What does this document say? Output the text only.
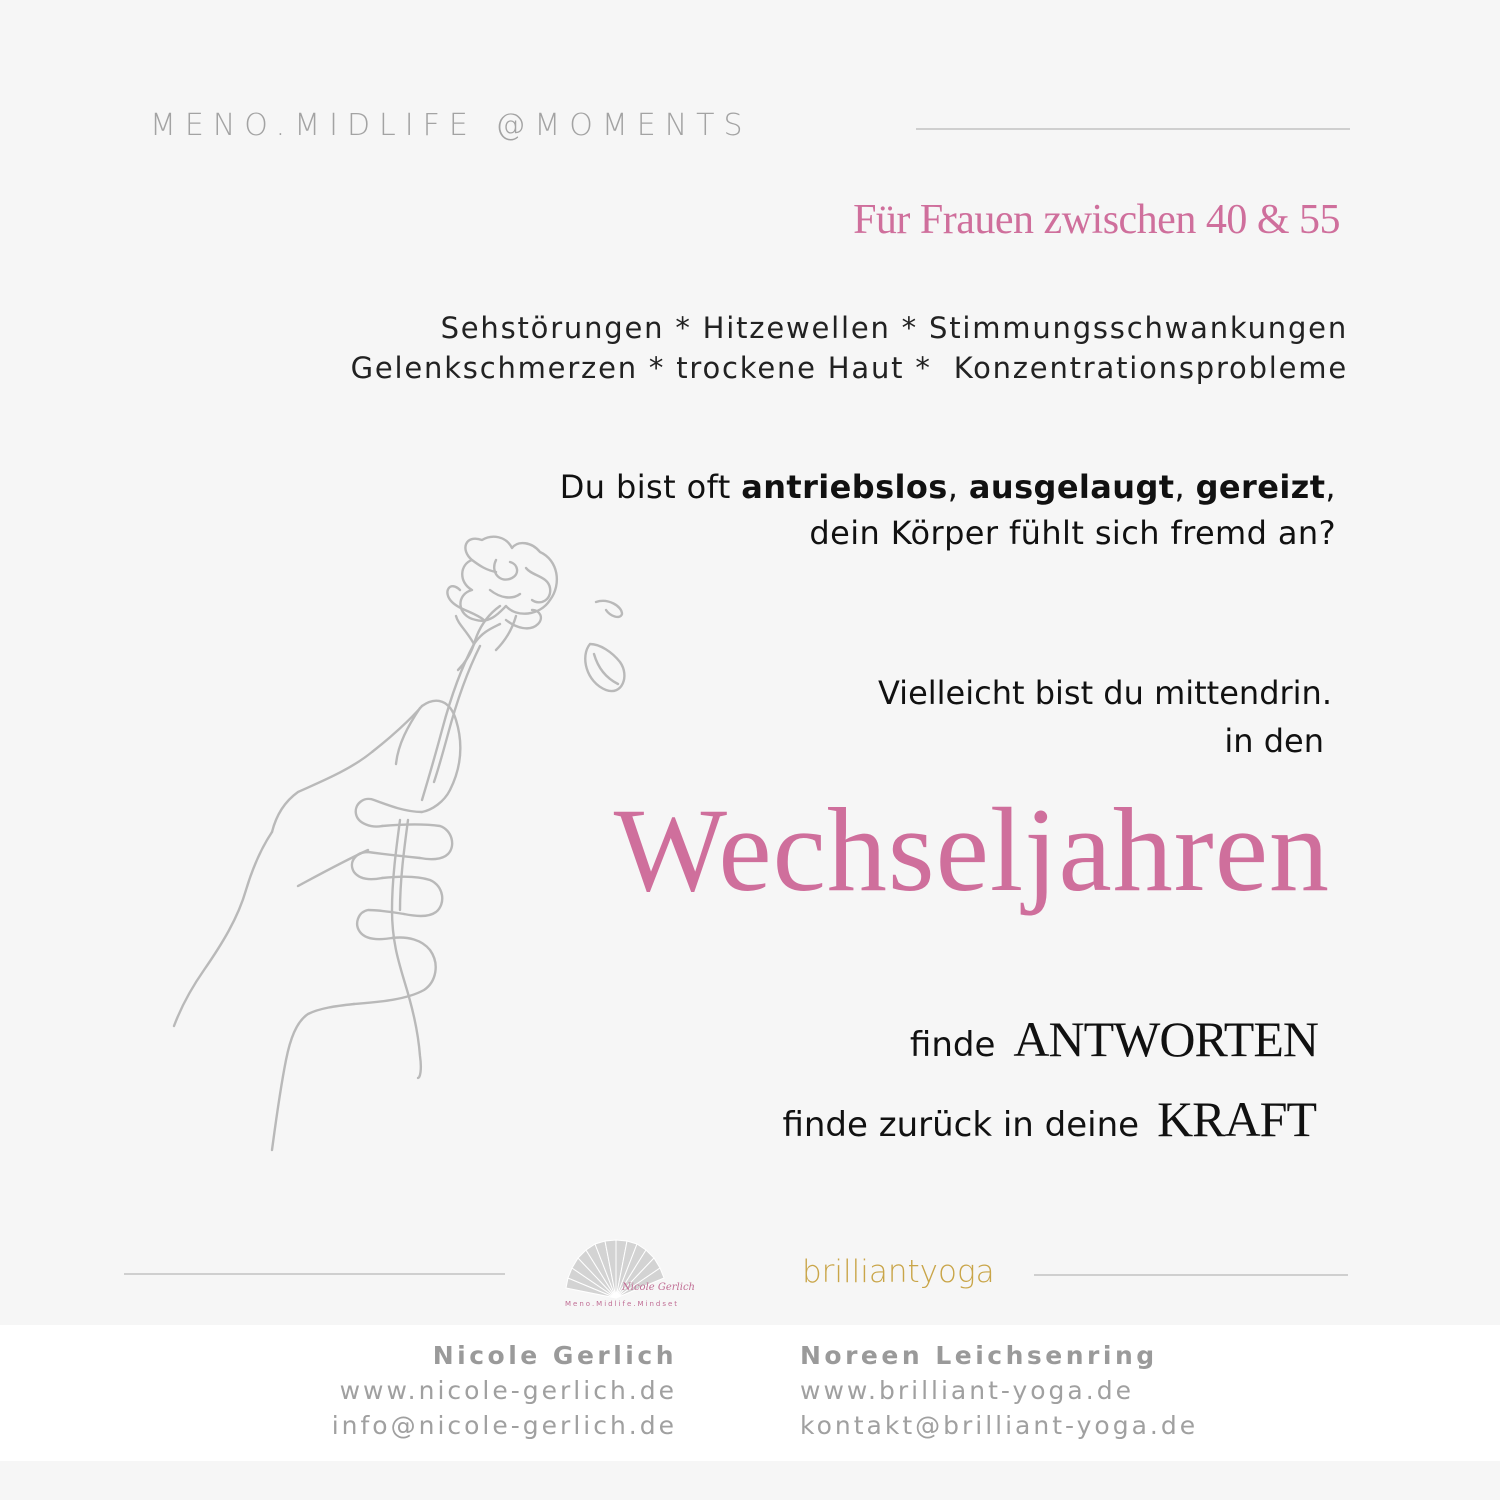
MENO.MIDLIFE @MOMENTS
Für Frauen zwischen 40 & 55
Sehstörungen * Hitzewellen * Stimmungsschwankungen
Gelenkschmerzen * trockene Haut *  Konzentrationsprobleme
Du bist oft antriebslos, ausgelaugt, gereizt,
dein Körper fühlt sich fremd an?
Vielleicht bist du mittendrin.
in den
Wechseljahren
finde ANTWORTEN
finde zurück in deine KRAFT
Nicole Gerlich
Meno.Midlife.Mindset
brilliantyoga
Nicole Gerlich
www.nicole-gerlich.de
info@nicole-gerlich.de
Noreen Leichsenring
www.brilliant-yoga.de
kontakt@brilliant-yoga.de
